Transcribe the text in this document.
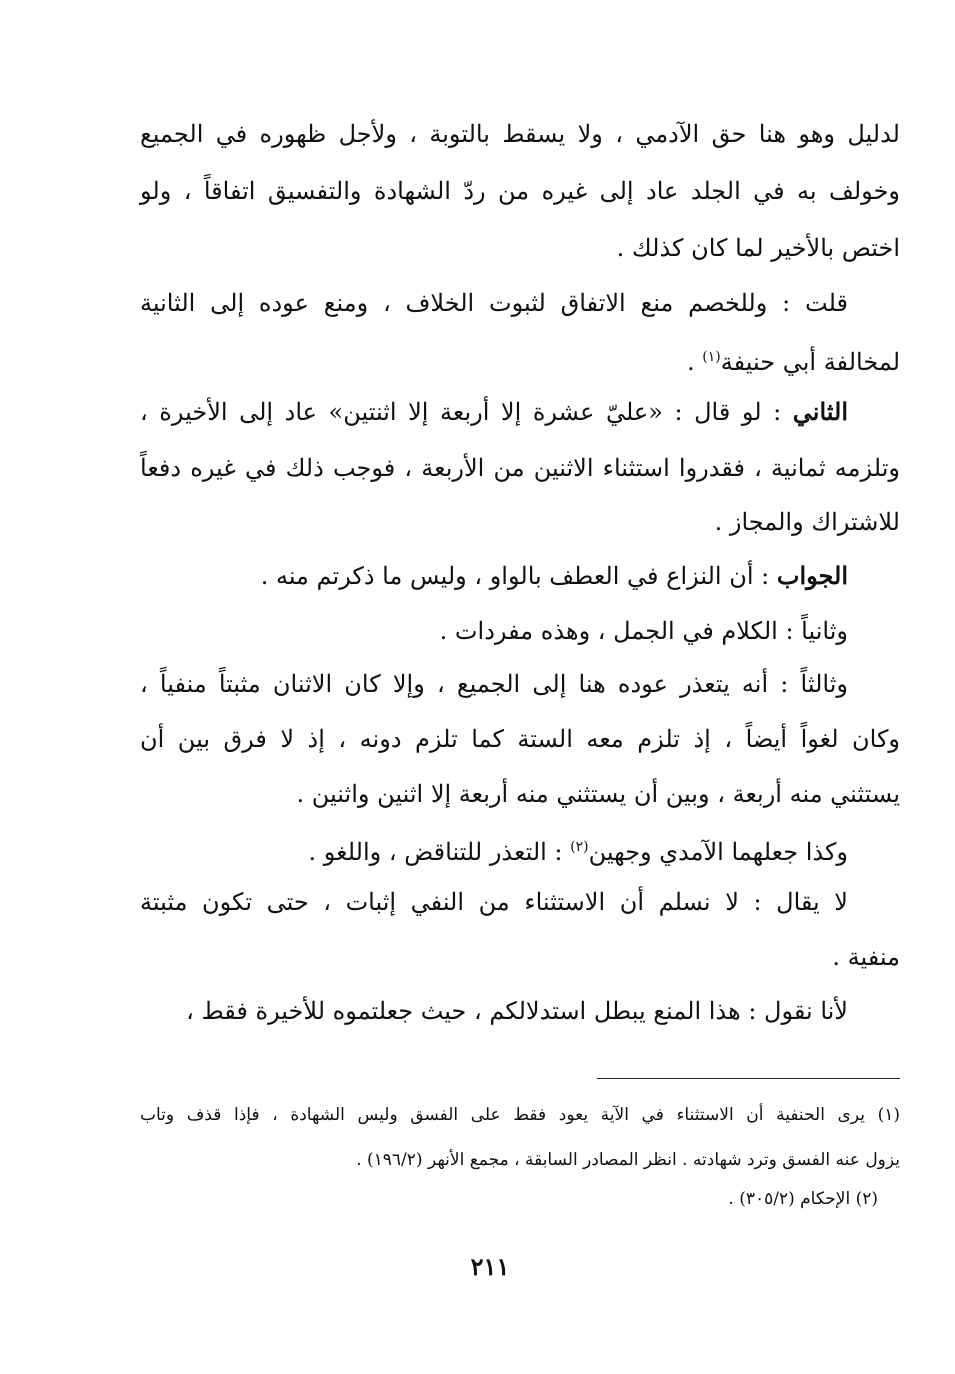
لدليل وهو هنا حق الآدمي ، ولا يسقط بالتوبة ، ولأجل ظهوره في الجميع
وخولف به في الجلد عاد إلى غيره من ردّ الشهادة والتفسيق اتفاقاً ، ولو
اختص بالأخير لما كان كذلك .
قلت : وللخصم منع الاتفاق لثبوت الخلاف ، ومنع عوده إلى الثانية
لمخالفة أبي حنيفة$^{(١)}$ .
الثاني : لو قال : «عليّ عشرة إلا أربعة إلا اثنتين» عاد إلى الأخيرة ،
وتلزمه ثمانية ، فقدروا استثناء الاثنين من الأربعة ، فوجب ذلك في غيره دفعاً
للاشتراك والمجاز .
الجواب : أن النزاع في العطف بالواو ، وليس ما ذكرتم منه .
وثانياً : الكلام في الجمل ، وهذه مفردات .
وثالثاً : أنه يتعذر عوده هنا إلى الجميع ، وإلا كان الاثنان مثبتاً منفياً ،
وكان لغواً أيضاً ، إذ تلزم معه الستة كما تلزم دونه ، إذ لا فرق بين أن
يستثني منه أربعة ، وبين أن يستثني منه أربعة إلا اثنين واثنين .
وكذا جعلهما الآمدي وجهين$^{(٢)}$ : التعذر للتناقض ، واللغو .
لا يقال : لا نسلم أن الاستثناء من النفي إثبات ، حتى تكون مثبتة
منفية .
لأنا نقول : هذا المنع يبطل استدلالكم ، حيث جعلتموه للأخيرة فقط ،
(١) يرى الحنفية أن الاستثناء في الآية يعود فقط على الفسق وليس الشهادة ، فإذا قذف وتاب
يزول عنه الفسق وترد شهادته . انظر المصادر السابقة ، مجمع الأنهر (١٩٦/٢) .
(٢) الإحكام (٣٠٥/٢) .
٢١١
